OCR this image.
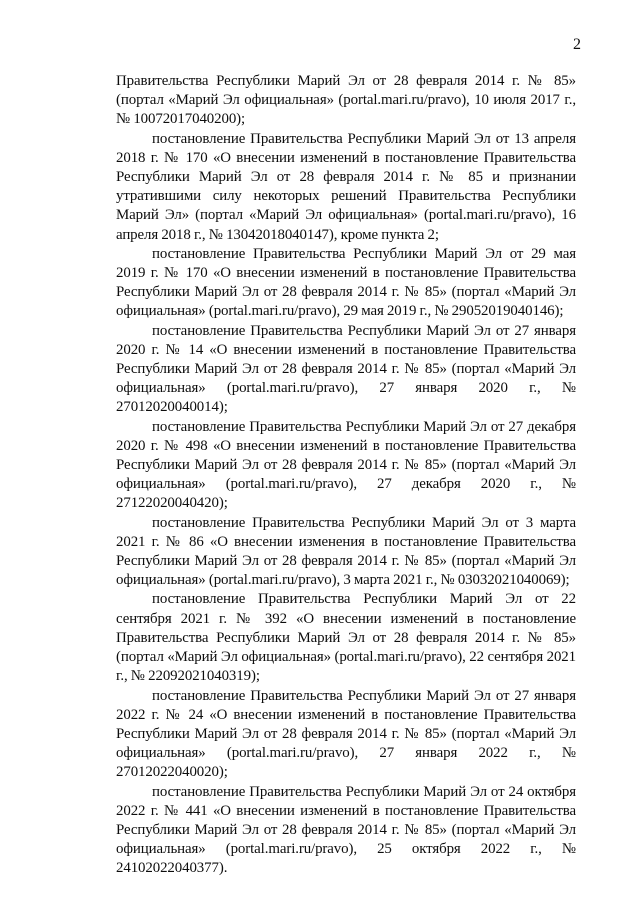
2

Правительства Республики Марий Эл от 28 февраля 2014 г. № 85» (портал «Марий Эл официальная» (portal.mari.ru/pravo), 10 июля 2017 г., № 10072017040200);

постановление Правительства Республики Марий Эл от 13 апреля 2018 г. № 170 «О внесении изменений в постановление Правительства Республики Марий Эл от 28 февраля 2014 г. № 85 и признании утратившими силу некоторых решений Правительства Республики Марий Эл» (портал «Марий Эл официальная» (portal.mari.ru/pravo), 16 апреля 2018 г., № 13042018040147), кроме пункта 2;

постановление Правительства Республики Марий Эл от 29 мая 2019 г. № 170 «О внесении изменений в постановление Правительства Республики Марий Эл от 28 февраля 2014 г. № 85» (портал «Марий Эл официальная» (portal.mari.ru/pravo), 29 мая 2019 г., № 29052019040146);

постановление Правительства Республики Марий Эл от 27 января 2020 г. № 14 «О внесении изменений в постановление Правительства Республики Марий Эл от 28 февраля 2014 г. № 85» (портал «Марий Эл официальная» (portal.mari.ru/pravo), 27 января 2020 г., № 27012020040014);

постановление Правительства Республики Марий Эл от 27 декабря 2020 г. № 498 «О внесении изменений в постановление Правительства Республики Марий Эл от 28 февраля 2014 г. № 85» (портал «Марий Эл официальная» (portal.mari.ru/pravo), 27 декабря 2020 г., № 27122020040420);

постановление Правительства Республики Марий Эл от 3 марта 2021 г. № 86 «О внесении изменения в постановление Правительства Республики Марий Эл от 28 февраля 2014 г. № 85» (портал «Марий Эл официальная» (portal.mari.ru/pravo), 3 марта 2021 г., № 03032021040069);

постановление Правительства Республики Марий Эл от 22 сентября 2021 г. № 392 «О внесении изменений в постановление Правительства Республики Марий Эл от 28 февраля 2014 г. № 85» (портал «Марий Эл официальная» (portal.mari.ru/pravo), 22 сентября 2021 г., № 22092021040319);

постановление Правительства Республики Марий Эл от 27 января 2022 г. № 24 «О внесении изменений в постановление Правительства Республики Марий Эл от 28 февраля 2014 г. № 85» (портал «Марий Эл официальная» (portal.mari.ru/pravo), 27 января 2022 г., № 27012022040020);

постановление Правительства Республики Марий Эл от 24 октября 2022 г. № 441 «О внесении изменений в постановление Правительства Республики Марий Эл от 28 февраля 2014 г. № 85» (портал «Марий Эл официальная» (portal.mari.ru/pravo), 25 октября 2022 г., № 24102022040377).
